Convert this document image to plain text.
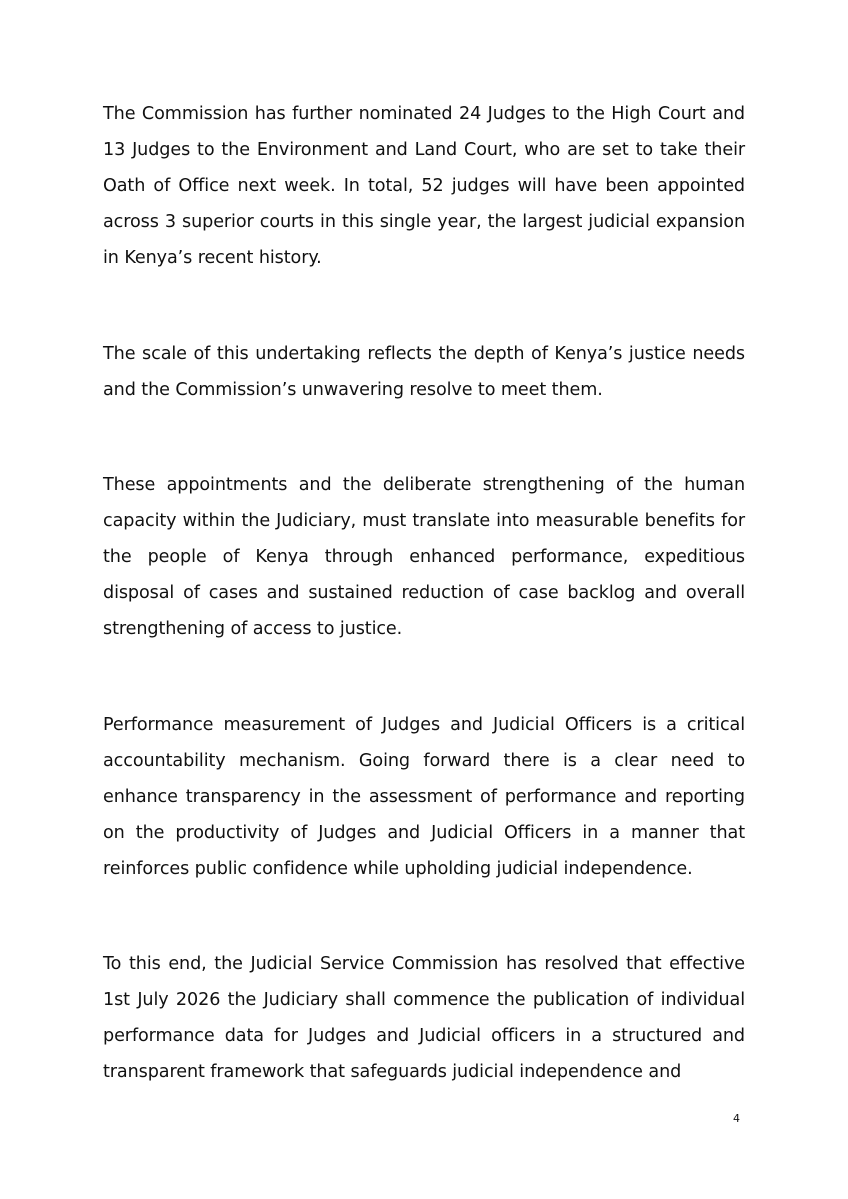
The Commission has further nominated 24 Judges to the High Court and 13 Judges to the Environment and Land Court, who are set to take their Oath of Office next week. In total, 52 judges will have been appointed across 3 superior courts in this single year, the largest judicial expansion in Kenya’s recent history.

The scale of this undertaking reflects the depth of Kenya’s justice needs and the Commission’s unwavering resolve to meet them.

These appointments and the deliberate strengthening of the human capacity within the Judiciary, must translate into measurable benefits for the people of Kenya through enhanced performance, expeditious disposal of cases and sustained reduction of case backlog and overall strengthening of access to justice.

Performance measurement of Judges and Judicial Officers is a critical accountability mechanism. Going forward there is a clear need to enhance transparency in the assessment of performance and reporting on the productivity of Judges and Judicial Officers in a manner that reinforces public confidence while upholding judicial independence.

To this end, the Judicial Service Commission has resolved that effective 1st July 2026 the Judiciary shall commence the publication of individual performance data for Judges and Judicial officers in a structured and transparent framework that safeguards judicial independence and

4
